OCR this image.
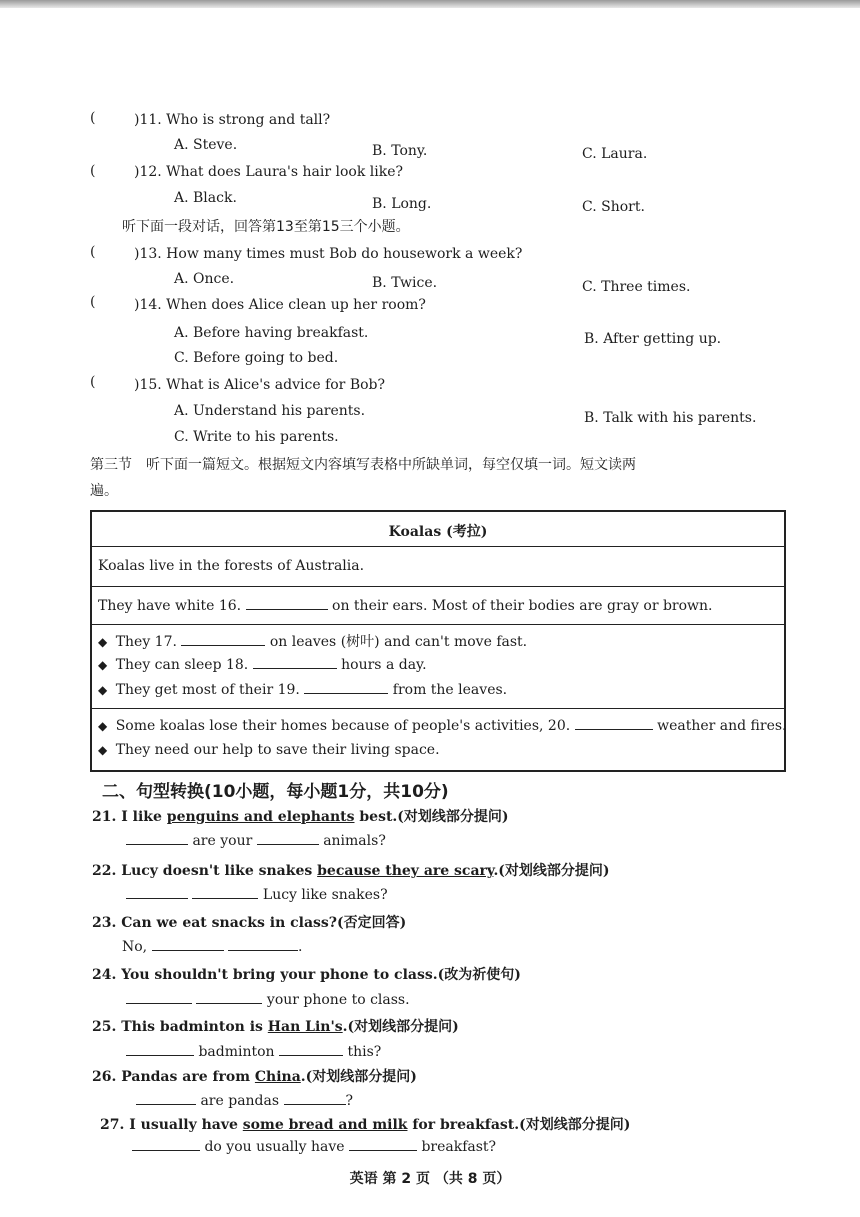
(	)11. Who is strong and tall?
A. Steve.	B. Tony.	C. Laura.
(	)12. What does Laura's hair look like?
A. Black.	B. Long.	C. Short.
听下面一段对话，回答第13至第15三个小题。
(	)13. How many times must Bob do housework a week?
A. Once.	B. Twice.	C. Three times.
(	)14. When does Alice clean up her room?
A. Before having breakfast.	B. After getting up.
C. Before going to bed.
(	)15. What is Alice's advice for Bob?
A. Understand his parents.	B. Talk with his parents.
C. Write to his parents.
第三节　听下面一篇短文。根据短文内容填写表格中所缺单词，每空仅填一词。短文读两
遍。
Koalas (考拉)
Koalas live in the forests of Australia.
They have white 16.	on their ears. Most of their bodies are gray or brown.
◆ They 17.	on leaves (树叶) and can't move fast.
◆ They can sleep 18.	hours a day.
◆ They get most of their 19.	from the leaves.
◆ Some koalas lose their homes because of people's activities, 20.	weather and fires.
◆ They need our help to save their living space.
二、句型转换(10小题，每小题1分，共10分)
21. I like penguins and elephants best.(对划线部分提问)
are your	animals?
22. Lucy doesn't like snakes because they are scary.(对划线部分提问)
Lucy like snakes?
23. Can we eat snacks in class?(否定回答)
No,	.
24. You shouldn't bring your phone to class.(改为祈使句)
your phone to class.
25. This badminton is Han Lin's.(对划线部分提问)
badminton	this?
26. Pandas are from China.(对划线部分提问)
are pandas	?
27. I usually have some bread and milk for breakfast.(对划线部分提问)
do you usually have	breakfast?
英语 第 2 页 （共 8 页）
